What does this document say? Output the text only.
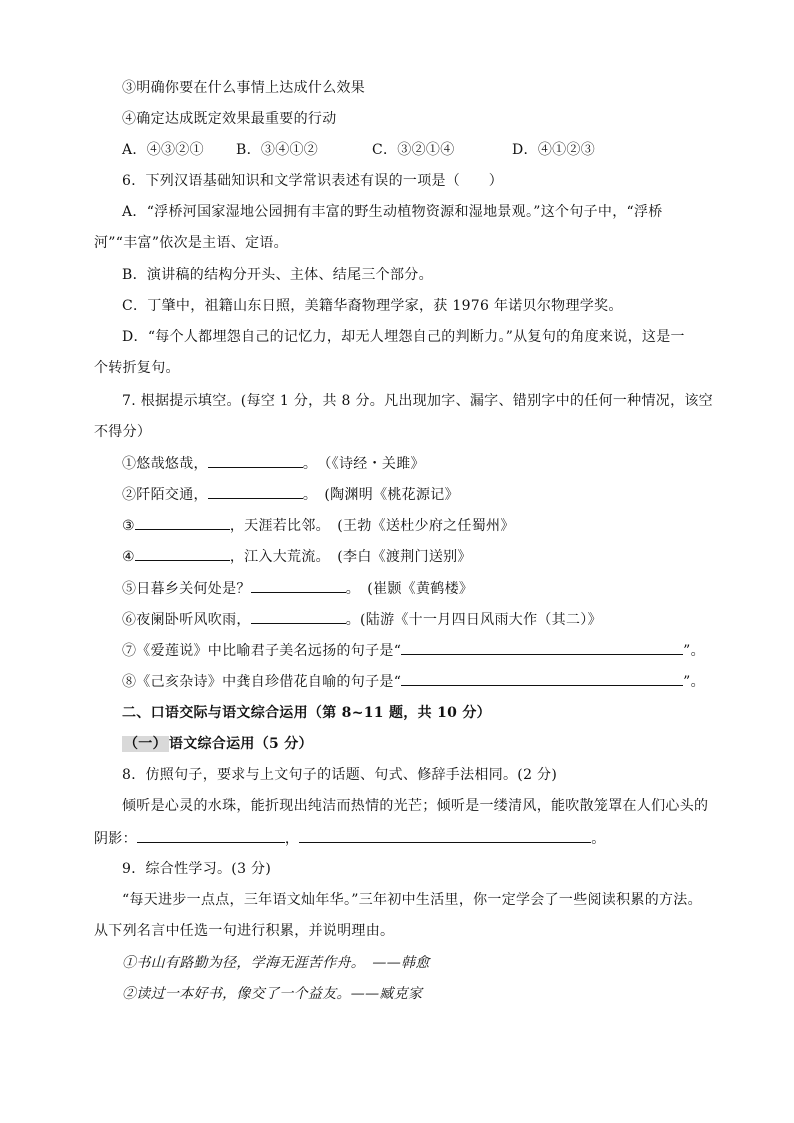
③明确你要在什么事情上达成什么效果
④确定达成既定效果最重要的行动
A．④③②① B．③④①②	C．③②①④	D．④①②③
6．下列汉语基础知识和文学常识表述有误的一项是（　　）
A．“浮桥河国家湿地公园拥有丰富的野生动植物资源和湿地景观。”这个句子中，“浮桥
河”“丰富”依次是主语、定语。
B．演讲稿的结构分开头、主体、结尾三个部分。
C．丁肇中，祖籍山东日照，美籍华裔物理学家，获 1976 年诺贝尔物理学奖。
D．“每个人都埋怨自己的记忆力，却无人埋怨自己的判断力。”从复句的角度来说，这是一
个转折复句。
7. 根据提示填空。(每空 1 分，共 8 分。凡出现加字、漏字、错别字中的任何一种情况，该空
不得分）
①悠哉悠哉，	。　（《诗经・关雎》
②阡陌交通，	。　(陶渊明《桃花源记》
③	，天涯若比邻。　(王勃《送杜少府之任蜀州》
④	，江入大荒流。　(李白《渡荆门送别》
⑤日暮乡关何处是？	。　(崔颢《黄鹤楼》
⑥夜阑卧听风吹雨，	。(陆游《十一月四日风雨大作（其二）》
⑦《爱莲说》中比喻君子美名远扬的句子是“	”。
⑧《己亥杂诗》中龚自珍借花自喻的句子是“	”。
二、口语交际与语文综合运用（第 8~11 题，共 10 分）
（一） 语文综合运用（5 分）
8．仿照句子，要求与上文句子的话题、句式、修辞手法相同。(2 分)
倾听是心灵的水珠，能折现出纯洁而热情的光芒；倾听是一缕清风，能吹散笼罩在人们心头的
阴影：	，	。
9．综合性学习。(3 分)
“每天进步一点点，三年语文灿年华。”三年初中生活里，你一定学会了一些阅读积累的方法。
从下列名言中任选一句进行积累，并说明理由。
①书山有路勤为径，学海无涯苦作舟。　——韩愈
②读过一本好书，像交了一个益友。——臧克家
